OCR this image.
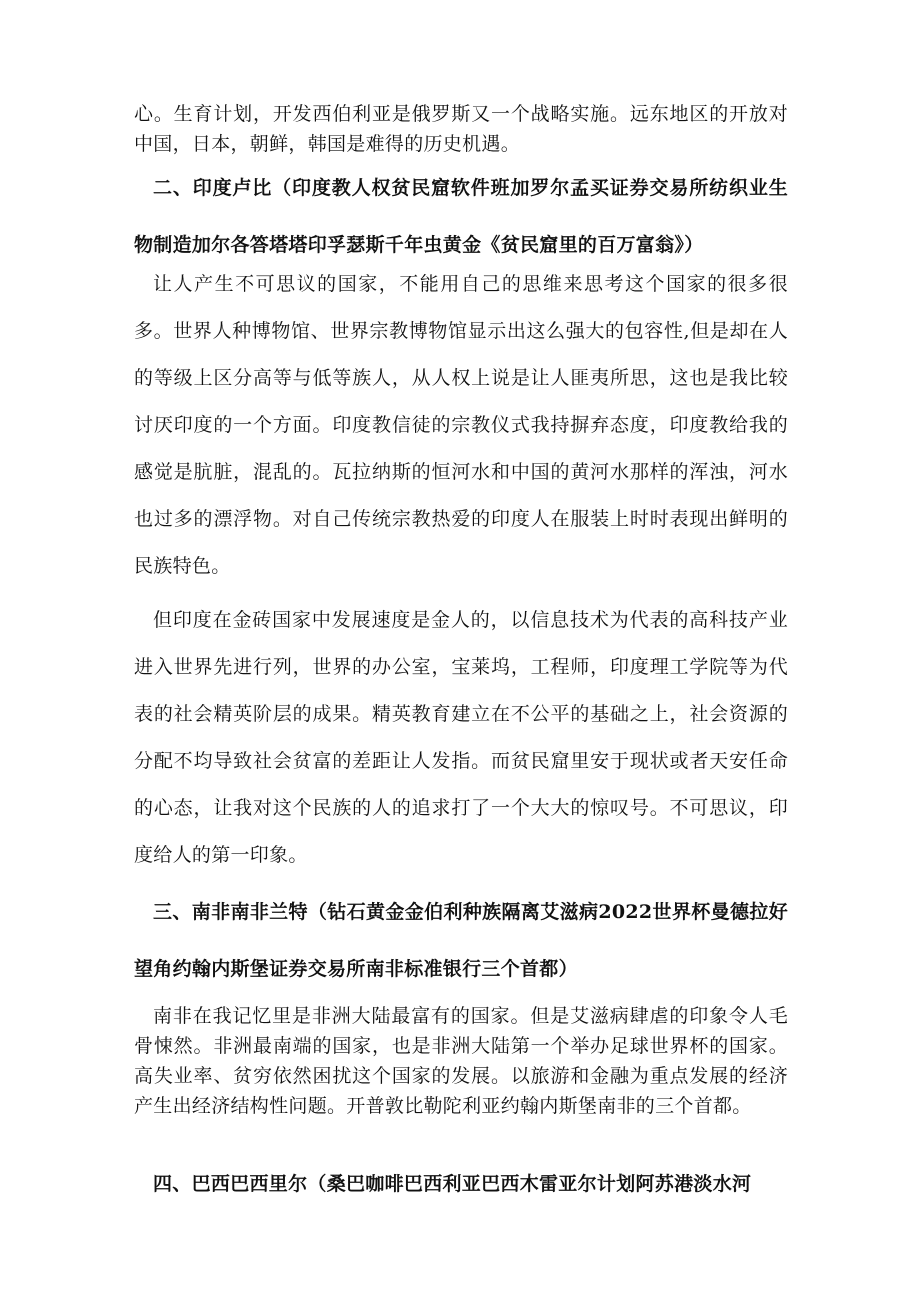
心。生育计划，开发西伯利亚是俄罗斯又一个战略实施。远东地区的开放对中国，日本，朝鲜，韩国是难得的历史机遇。

二、印度卢比（印度教人权贫民窟软件班加罗尔孟买证券交易所纺织业生物制造加尔各答塔塔印孚瑟斯千年虫黄金《贫民窟里的百万富翁》）

让人产生不可思议的国家，不能用自己的思维来思考这个国家的很多很多。世界人种博物馆、世界宗教博物馆显示出这么强大的包容性,但是却在人的等级上区分高等与低等族人，从人权上说是让人匪夷所思，这也是我比较讨厌印度的一个方面。印度教信徒的宗教仪式我持摒弃态度，印度教给我的感觉是肮脏，混乱的。瓦拉纳斯的恒河水和中国的黄河水那样的浑浊，河水也过多的漂浮物。对自己传统宗教热爱的印度人在服装上时时表现出鲜明的民族特色。

但印度在金砖国家中发展速度是金人的，以信息技术为代表的高科技产业进入世界先进行列，世界的办公室，宝莱坞，工程师，印度理工学院等为代表的社会精英阶层的成果。精英教育建立在不公平的基础之上，社会资源的分配不均导致社会贫富的差距让人发指。而贫民窟里安于现状或者天安任命的心态，让我对这个民族的人的追求打了一个大大的惊叹号。不可思议，印度给人的第一印象。

三、南非南非兰特（钻石黄金金伯利种族隔离艾滋病2022世界杯曼德拉好望角约翰内斯堡证券交易所南非标准银行三个首都）

南非在我记忆里是非洲大陆最富有的国家。但是艾滋病肆虐的印象令人毛骨悚然。非洲最南端的国家，也是非洲大陆第一个举办足球世界杯的国家。高失业率、贫穷依然困扰这个国家的发展。以旅游和金融为重点发展的经济产生出经济结构性问题。开普敦比勒陀利亚约翰内斯堡南非的三个首都。

四、巴西巴西里尔（桑巴咖啡巴西利亚巴西木雷亚尔计划阿苏港淡水河
